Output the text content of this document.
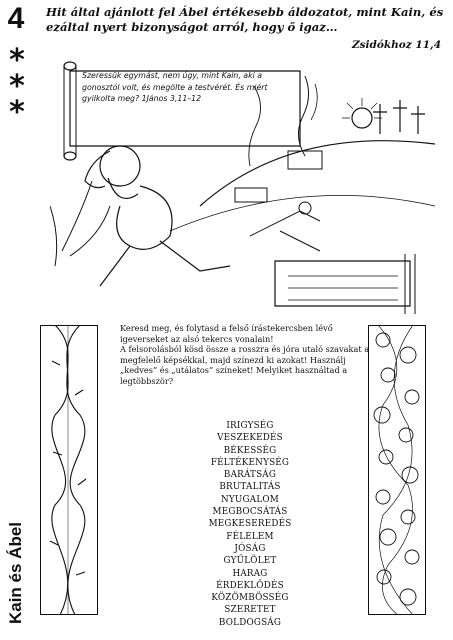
4
*
*
*
Kain és Ábel
Hit által ajánlott fel Ábel értékesebb áldozatot, mint Kain, és ezáltal nyert bizonyságot arról, hogy ő igaz…
Zsidókhoz 11,4
Szeressük egymást, nem úgy, mint Kain, aki a gonosztól volt, és megölte a testvérét. És miért gyilkolta meg? 1János 3,11–12

Keresd meg, és folytasd a felső írástekercsben lévő igeverseket az alsó tekercs vonalain!

A felsorolásból kösd össze a rosszra és jóra utaló szavakat a megfelelő képsékkal, majd színezd ki azokat! Használj „kedves” és „utálatos” színeket! Melyiket használtad a legtöbbször?

IRIGYSÉG
VESZEKEDÉS
BÉKESSÉG
FÉLTÉKENYSÉG
BARÁTSÁG
BRUTALITÁS
NYUGALOM
MEGBOCSÁTÁS
MEGKESEREDÉS
FÉLELEM
JÓSÁG
GYŰLÖLET
HARAG
ÉRDEKLŐDÉS
KÖZÖMBÖSSÉG
SZERETET
BOLDOGSÁG
